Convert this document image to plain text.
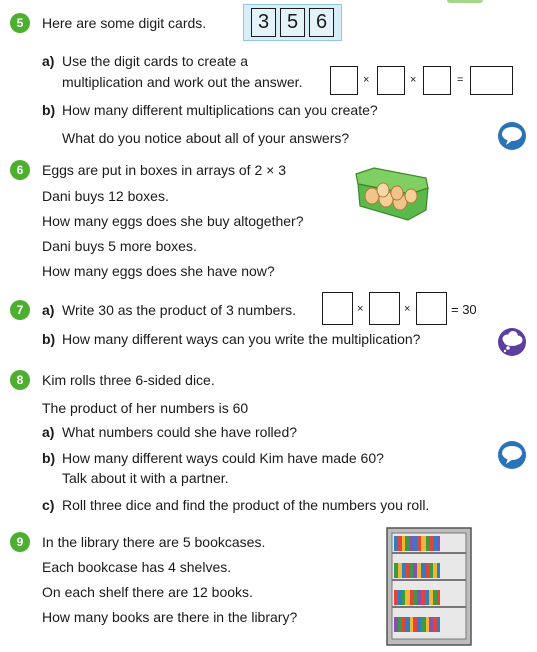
5	Here are some digit cards.	3 5 6
a) Use the digit cards to create a
multiplication and work out the answer.	×	×	=
b) How many different multiplications can you create?
What do you notice about all of your answers?
6	Eggs are put in boxes in arrays of 2 × 3
Dani buys 12 boxes.
How many eggs does she buy altogether?
Dani buys 5 more boxes.
How many eggs does she have now?
7	a) Write 30 as the product of 3 numbers.	×	×	= 30
b) How many different ways can you write the multiplication?
8	Kim rolls three 6-sided dice.
The product of her numbers is 60
a) What numbers could she have rolled?
b) How many different ways could Kim have made 60?
Talk about it with a partner.
c) Roll three dice and find the product of the numbers you roll.
9	In the library there are 5 bookcases.
Each bookcase has 4 shelves.
On each shelf there are 12 books.
How many books are there in the library?
